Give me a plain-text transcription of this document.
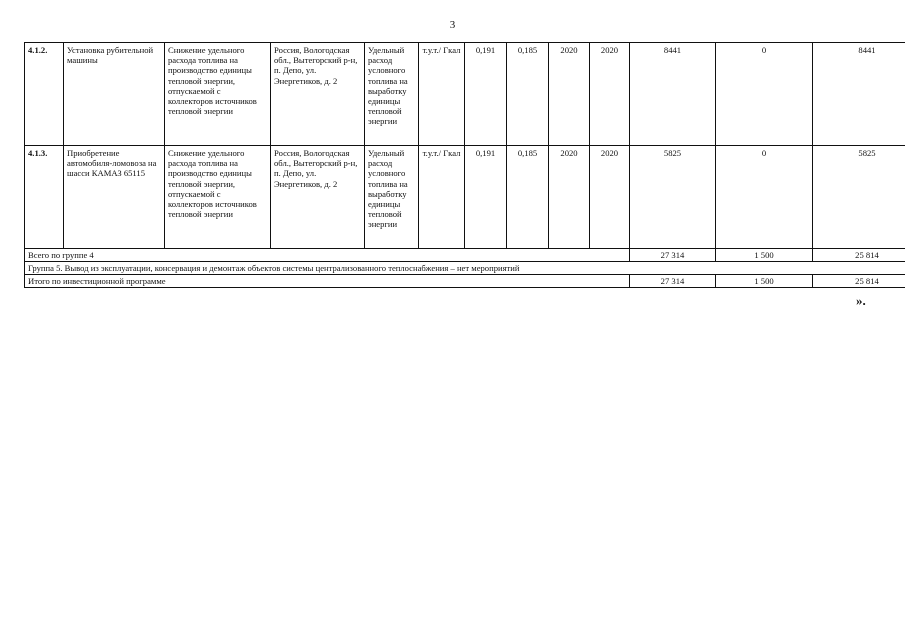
3
4.1.2.	Установка рубительной машины	Снижение удельного расхода топлива на производство единицы тепловой энергии, отпускаемой с коллекторов источников тепловой энергии	Россия, Вологодская обл., Вытегорский р-н, п. Депо, ул. Энергетиков, д. 2	Удельный расход условного топлива на выработку единицы тепловой энергии	т.у.т./ Гкал	0,191	0,185	2020	2020	8441	0	8441
4.1.3.	Приобретение автомобиля-ломовоза на шасси КАМАЗ 65115	Снижение удельного расхода топлива на производство единицы тепловой энергии, отпускаемой с коллекторов источников тепловой энергии	Россия, Вологодская обл., Вытегорский р-н, п. Депо, ул. Энергетиков, д. 2	Удельный расход условного топлива на выработку единицы тепловой энергии	т.у.т./ Гкал	0,191	0,185	2020	2020	5825	0	5825
Всего по группе 4										27 314	1 500	25 814
Группа 5. Вывод из эксплуатации, консервация и демонтаж объектов системы централизованного теплоснабжения – нет мероприятий												
Итого по инвестиционной программе										27 314	1 500	25 814
».
